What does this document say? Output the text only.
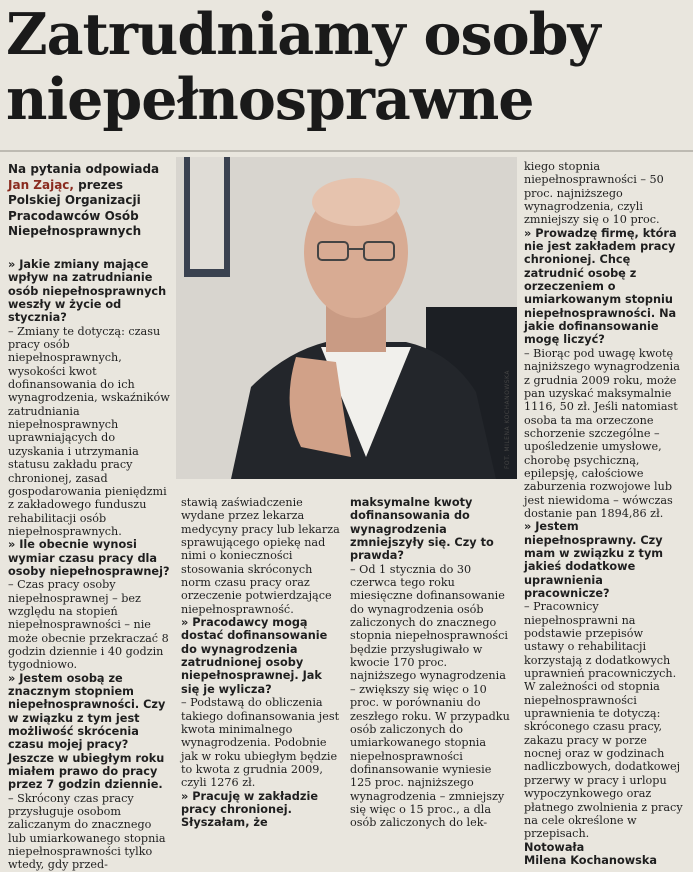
Zatrudniamy osoby
niepełnosprawne
Na pytania odpowiada Jan Zając, prezes Polskiej Organizacji Pracodawców Osób Niepełnosprawnych
FOT. MILENA KOCHANOWSKA

» Jakie zmiany mające wpływ na zatrudnianie osób niepełnosprawnych weszły w życie od stycznia?

– Zmiany te dotyczą: czasu pracy osób niepełnosprawnych, wysokości kwot dofinansowania do ich wynagrodzenia, wskaźników zatrudniania niepełnosprawnych uprawniających do uzyskania i utrzymania statusu zakładu pracy chronionej, zasad gospodarowania pieniędzmi z zakładowego funduszu rehabilitacji osób niepełnosprawnych.

» Ile obecnie wynosi wymiar czasu pracy dla osoby niepełnosprawnej?

– Czas pracy osoby niepełnosprawnej – bez względu na stopień niepełnosprawności – nie może obecnie przekraczać 8 godzin dziennie i 40 godzin tygodniowo.

» Jestem osobą ze znacznym stopniem niepełnosprawności. Czy w związku z tym jest możliwość skrócenia czasu mojej pracy? Jeszcze w ubiegłym roku miałem prawo do pracy przez 7 godzin dziennie.

– Skrócony czas pracy przysługuje osobom zaliczanym do znacznego lub umiarkowanego stopnia niepełnosprawności tylko wtedy, gdy przed-

stawią zaświadczenie wydane przez lekarza medycyny pracy lub lekarza sprawującego opiekę nad nimi o konieczności stosowania skróconych norm czasu pracy oraz orzeczenie potwierdzające niepełnosprawność.

» Pracodawcy mogą dostać dofinansowanie do wynagrodzenia zatrudnionej osoby niepełnosprawnej. Jak się je wylicza?

– Podstawą do obliczenia takiego dofinansowania jest kwota minimalnego wynagrodzenia. Podobnie jak w roku ubiegłym będzie to kwota z grudnia 2009, czyli 1276 zł.

» Pracuję w zakładzie pracy chronionej. Słyszałam, że

maksymalne kwoty dofinansowania do wynagrodzenia zmniejszyły się. Czy to prawda?

– Od 1 stycznia do 30 czerwca tego roku miesięczne dofinansowanie do wynagrodzenia osób zaliczonych do znacznego stopnia niepełnosprawności będzie przysługiwało w kwocie 170 proc. najniższego wynagrodzenia – zwiększy się więc o 10 proc. w porównaniu do zeszłego roku. W przypadku osób zaliczonych do umiarkowanego stopnia niepełnosprawności dofinansowanie wyniesie 125 proc. najniższego wynagrodzenia – zmniejszy się więc o 15 proc., a dla osób zaliczonych do lek-

kiego stopnia niepełnosprawności – 50 proc. najniższego wynagrodzenia, czyli zmniejszy się o 10 proc.

» Prowadzę firmę, która nie jest zakładem pracy chronionej. Chcę zatrudnić osobę z orzeczeniem o umiarkowanym stopniu niepełnosprawności. Na jakie dofinansowanie mogę liczyć?

– Biorąc pod uwagę kwotę najniższego wynagrodzenia z grudnia 2009 roku, może pan uzyskać maksymalnie 1116, 50 zł. Jeśli natomiast osoba ta ma orzeczone schorzenie szczególne – upośledzenie umysłowe, chorobę psychiczną, epilepsję, całościowe zaburzenia rozwojowe lub jest niewidoma – wówczas dostanie pan 1894,86 zł.

» Jestem niepełnosprawny. Czy mam w związku z tym jakieś dodatkowe uprawnienia pracownicze?

– Pracownicy niepełnosprawni na podstawie przepisów ustawy o rehabilitacji korzystają z dodatkowych uprawnień pracowniczych. W zależności od stopnia niepełnosprawności uprawnienia te dotyczą: skróconego czasu pracy, zakazu pracy w porze nocnej oraz w godzinach nadliczbowych, dodatkowej przerwy w pracy i urlopu wypoczynkowego oraz płatnego zwolnienia z pracy na cele określone w przepisach.

Notowała
Milena Kochanowska
